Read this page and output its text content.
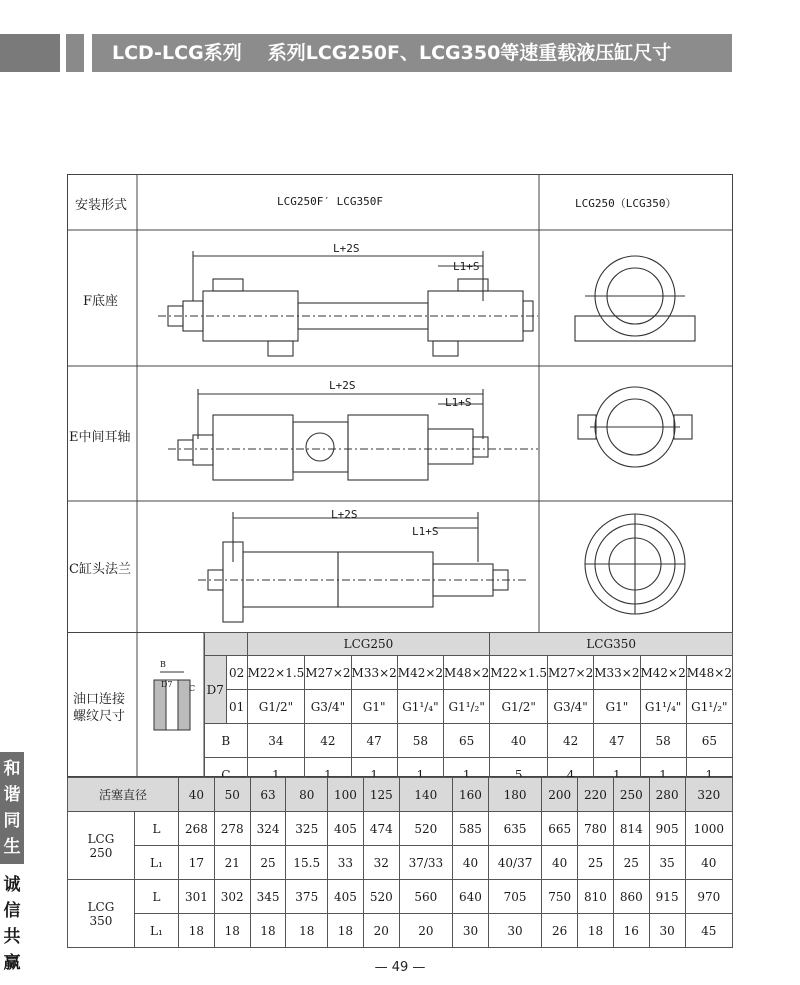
LCD-LCG系列 系列LCG250F、LCG350等速重载液压缸尺寸
和
谐
同
生
诚
信
共
赢
安装形式	LCG250F′ LCG350F	LCG250（LCG350）
F底座
E中间耳轴
C缸头法兰
L+2S
L1+S
L+2S
L1+S
L+2S
L1+S
油口连接
螺纹尺寸
B
D7 C
		LCG250					LCG350				
D7	02	M22×1.5	M27×2	M33×2	M42×2	M48×2	M22×1.5	M27×2	M33×2	M42×2	M48×2
	01	G1/2"	G3/4"	G1"	G1¹/₄"	G1¹/₂"	G1/2"	G3/4"	G1"	G1¹/₄"	G1¹/₂"
B		34	42	47	58	65	40	42	47	58	65
C		1	1	1	1	1	5	4	1	1	1
活塞直径		40	50	63	80	100	125	140	160	180	200	220	250	280	320

LCG
250	L	268	278	324	325	405	474	520	585	635	665	780	814	905	1000
	L₁	17	21	25	15.5	33	32	37/33	40	40/37	40	25	25	35	40

LCG
350	L	301	302	345	375	405	520	560	640	705	750	810	860	915	970
	L₁	18	18	18	18	18	20	20	30	30	26	18	16	30	45
— 49 —
